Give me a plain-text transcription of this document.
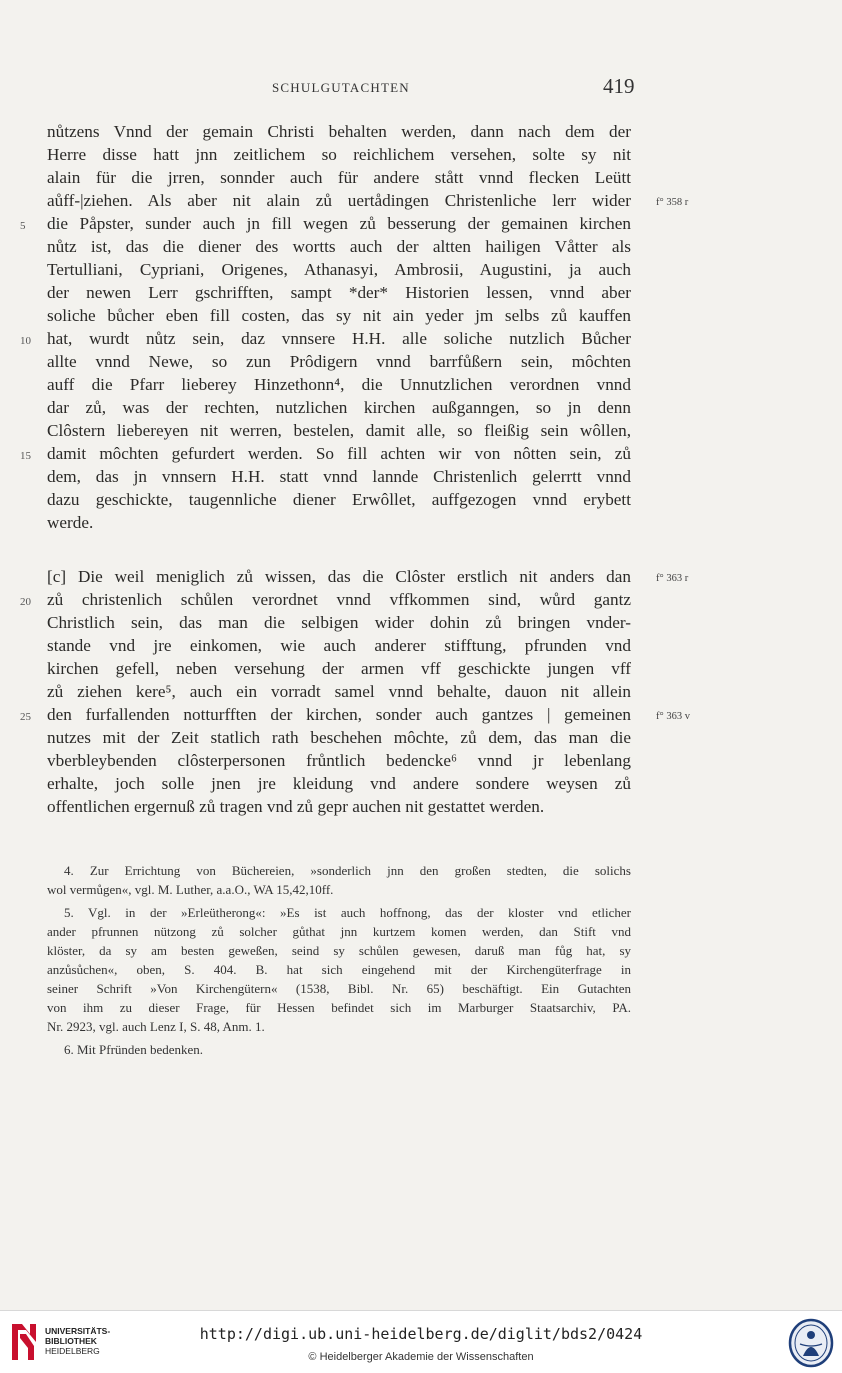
SCHULGUTACHTEN	419
nůtzens Vnnd der gemain Christi behalten werden, dann nach dem der
Herre disse hatt jnn zeitlichem so reichlichem versehen, solte sy nit
alain für die jrren, sonnder auch für andere stått vnnd flecken Leütt
aůff-|ziehen. Als aber nit alain zů uertådingen Christenliche lerr wider
die Påpster, sunder auch jn fill wegen zů besserung der gemainen kirchen
nůtz ist, das die diener des wortts auch der altten hailigen Våtter als
Tertulliani, Cypriani, Origenes, Athanasyi, Ambrosii, Augustini, ja auch
der newen Lerr gschrifften, sampt *der* Historien lessen, vnnd aber
soliche bůcher eben fill costen, das sy nit ain yeder jm selbs zů kauffen
hat, wurdt nůtz sein, daz vnnsere H.H. alle soliche nutzlich Bůcher
allte vnnd Newe, so zun Prôdigern vnnd barrfůßern sein, môchten
auff die Pfarr lieberey Hinzethonn⁴, die Unnutzlichen verordnen vnnd
dar zů, was der rechten, nutzlichen kirchen außganngen, so jn denn
Clôstern liebereyen nit werren, bestelen, damit alle, so fleißig sein wôllen,
damit môchten gefurdert werden. So fill achten wir von nôtten sein, zů
dem, das jn vnnsern H.H. statt vnnd lannde Christenlich gelerrtt vnnd
dazu geschickte, taugennliche diener Erwôllet, auffgezogen vnnd erybett
werde.
[c] Die weil meniglich zů wissen, das die Clôster erstlich nit anders dan
zů christenlich schůlen verordnet vnnd vffkommen sind, wůrd gantz
Christlich sein, das man die selbigen wider dohin zů bringen vnder-
stande vnd jre einkomen, wie auch anderer stifftung, pfrunden vnd
kirchen gefell, neben versehung der armen vff geschickte jungen vff
zů ziehen kere⁵, auch ein vorradt samel vnnd behalte, dauon nit allein
den furfallenden notturfften der kirchen, sonder auch gantzes | gemeinen
nutzes mit der Zeit statlich rath beschehen môchte, zů dem, das man die
vberbleybenden clôsterpersonen frůntlich bedencke⁶ vnnd jr lebenlang
erhalte, joch solle jnen jre kleidung vnd andere sondere weysen zů
offentlichen ergernuß zů tragen vnd zů gepr auchen nit gestattet werden.
5
10
15
20
25
f° 358 r
f° 363 r
f° 363 v
4. Zur Errichtung von Büchereien, »sonderlich jnn den großen stedten, die solichs
wol vermůgen«, vgl. M. Luther, a.a.O., WA 15,42,10ff.
5. Vgl. in der »Erleütherong«: »Es ist auch hoffnong, das der kloster vnd etlicher
ander pfrunnen nützong zů solcher gůthat jnn kurtzem komen werden, dan Stift vnd
klöster, da sy am besten geweßen, seind sy schůlen gewesen, daruß man fůg hat, sy
anzůsůchen«, oben, S. 404. B. hat sich eingehend mit der Kirchengüterfrage in
seiner Schrift »Von Kirchengütern« (1538, Bibl. Nr. 65) beschäftigt. Ein Gutachten
von ihm zu dieser Frage, für Hessen befindet sich im Marburger Staatsarchiv, PA.
Nr. 2923, vgl. auch Lenz I, S. 48, Anm. 1.
6. Mit Pfründen bedenken.
UNIVERSITÄTS-
BIBLIOTHEK
HEIDELBERG
http://digi.ub.uni-heidelberg.de/diglit/bds2/0424
© Heidelberger Akademie der Wissenschaften
